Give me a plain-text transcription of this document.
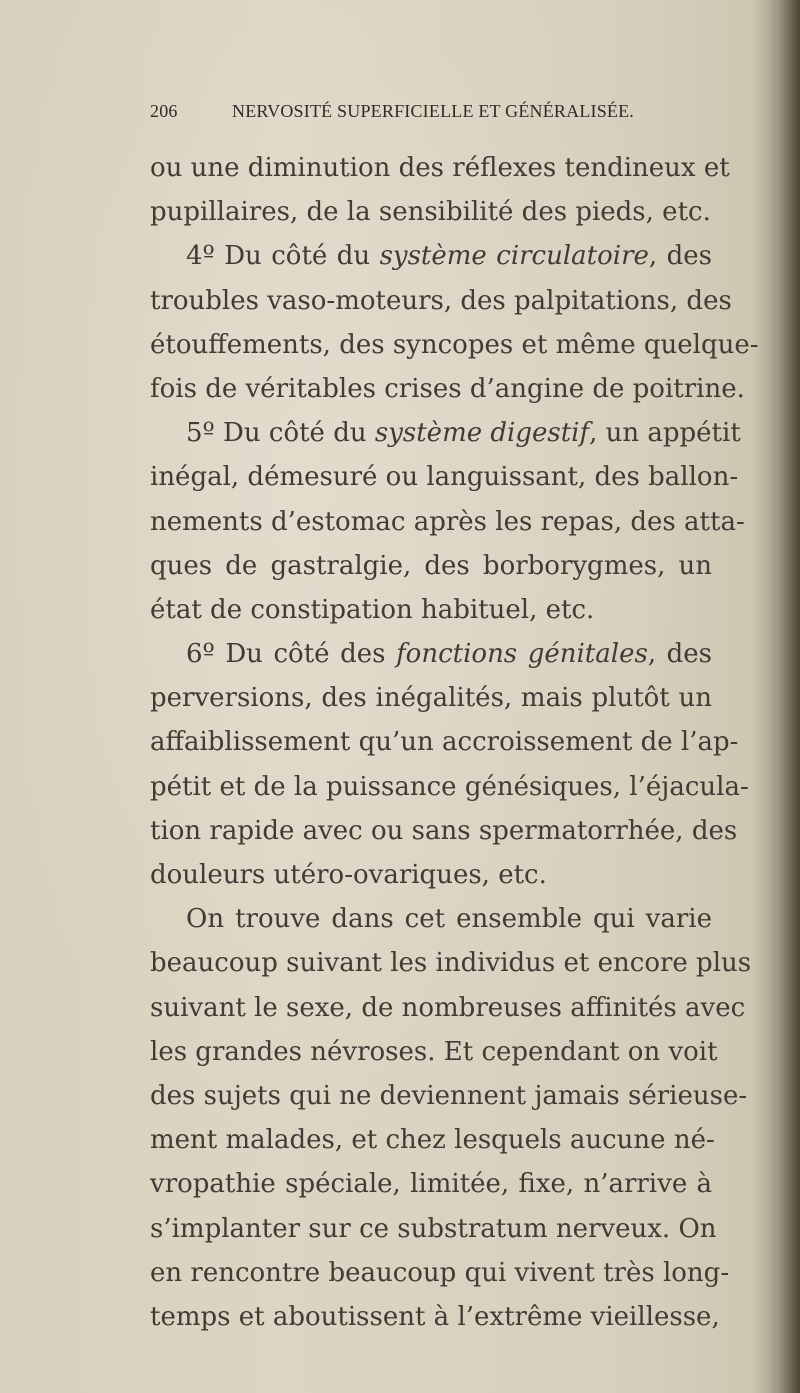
206	NERVOSITÉ SUPERFICIELLE ET GÉNÉRALISÉE.
ou une diminution des réflexes tendineux et
pupillaires, de la sensibilité des pieds, etc.
4º Du côté du système circulatoire, des
troubles vaso-moteurs, des palpitations, des
étouffements, des syncopes et même quelque-
fois de véritables crises d’angine de poitrine.
5º Du côté du système digestif, un appétit
inégal, démesuré ou languissant, des ballon-
nements d’estomac après les repas, des atta-
ques de gastralgie, des borborygmes, un
état de constipation habituel, etc.
6º Du côté des fonctions génitales, des
perversions, des inégalités, mais plutôt un
affaiblissement qu’un accroissement de l’ap-
pétit et de la puissance génésiques, l’éjacula-
tion rapide avec ou sans spermatorrhée, des
douleurs utéro-ovariques, etc.
On trouve dans cet ensemble qui varie
beaucoup suivant les individus et encore plus
suivant le sexe, de nombreuses affinités avec
les grandes névroses. Et cependant on voit
des sujets qui ne deviennent jamais sérieuse-
ment malades, et chez lesquels aucune né-
vropathie spéciale, limitée, fixe, n’arrive à
s’implanter sur ce substratum nerveux. On
en rencontre beaucoup qui vivent très long-
temps et aboutissent à l’extrême vieillesse,
